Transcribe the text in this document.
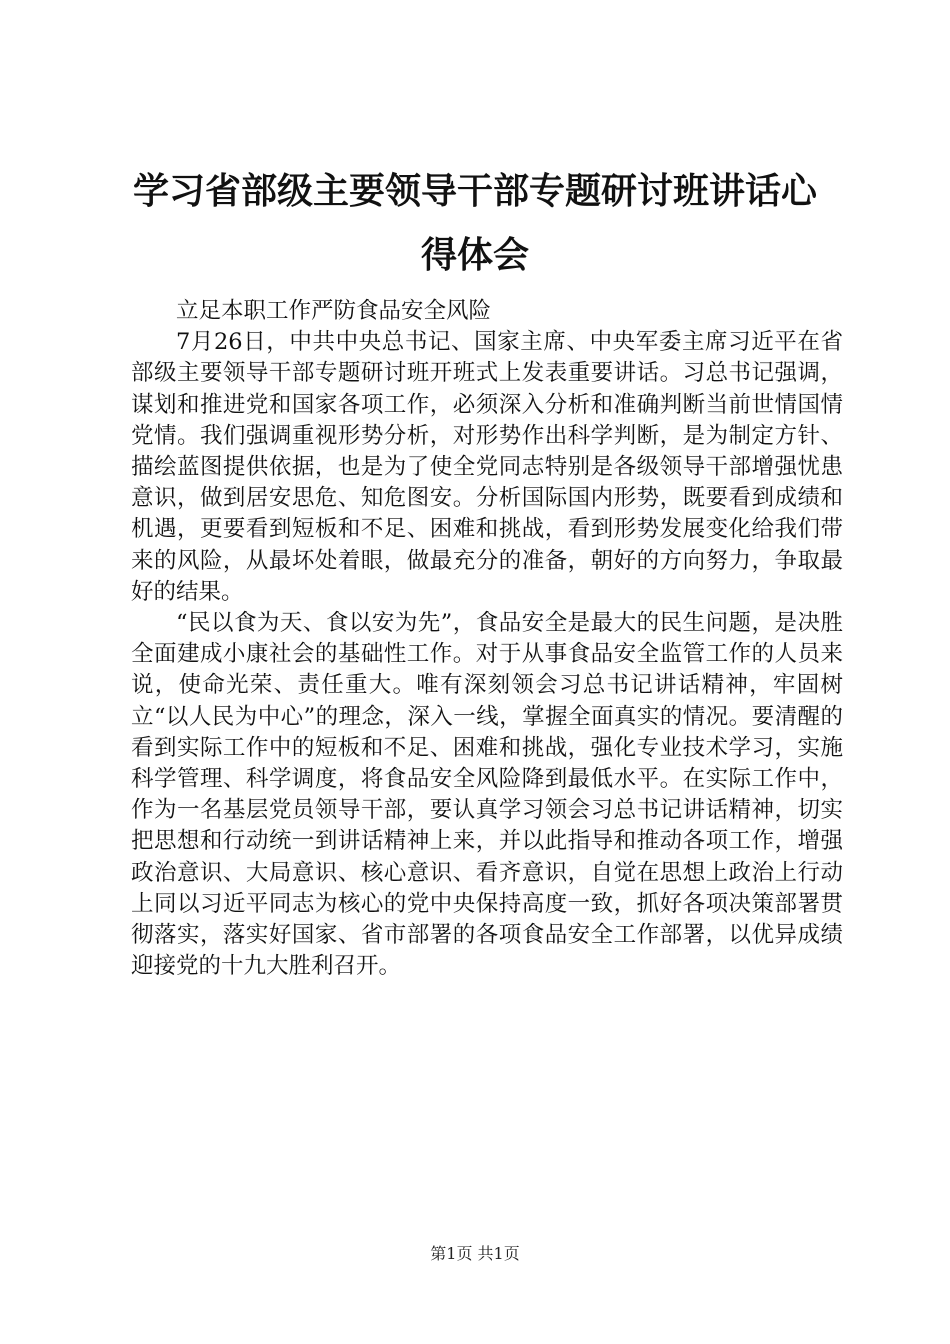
学习省部级主要领导干部专题研讨班讲话心得体会

立足本职工作严防食品安全风险

7月26日，中共中央总书记、国家主席、中央军委主席习近平在省部级主要领导干部专题研讨班开班式上发表重要讲话。习总书记强调，谋划和推进党和国家各项工作，必须深入分析和准确判断当前世情国情党情。我们强调重视形势分析，对形势作出科学判断，是为制定方针、描绘蓝图提供依据，也是为了使全党同志特别是各级领导干部增强忧患意识，做到居安思危、知危图安。分析国际国内形势，既要看到成绩和机遇，更要看到短板和不足、困难和挑战，看到形势发展变化给我们带来的风险，从最坏处着眼，做最充分的准备，朝好的方向努力，争取最好的结果。

“民以食为天、食以安为先”，食品安全是最大的民生问题，是决胜全面建成小康社会的基础性工作。对于从事食品安全监管工作的人员来说，使命光荣、责任重大。唯有深刻领会习总书记讲话精神，牢固树立“以人民为中心”的理念，深入一线，掌握全面真实的情况。要清醒的看到实际工作中的短板和不足、困难和挑战，强化专业技术学习，实施科学管理、科学调度，将食品安全风险降到最低水平。在实际工作中，作为一名基层党员领导干部，要认真学习领会习总书记讲话精神，切实把思想和行动统一到讲话精神上来，并以此指导和推动各项工作，增强政治意识、大局意识、核心意识、看齐意识，自觉在思想上政治上行动上同以习近平同志为核心的党中央保持高度一致，抓好各项决策部署贯彻落实，落实好国家、省市部署的各项食品安全工作部署，以优异成绩迎接党的十九大胜利召开。

第1页 共1页
